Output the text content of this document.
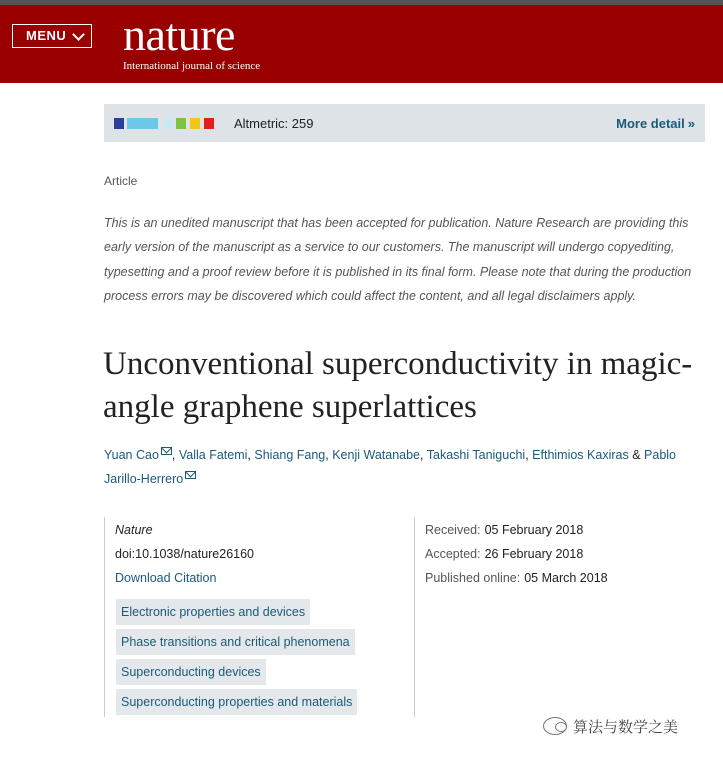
MENU	nature
International journal of science
Altmetric: 259	More detail »
Article
This is an unedited manuscript that has been accepted for publication. Nature Research are providing this early version of the manuscript as a service to our customers. The manuscript will undergo copyediting, typesetting and a proof review before it is published in its final form. Please note that during the production process errors may be discovered which could affect the content, and all legal disclaimers apply.
Unconventional superconductivity in magic-angle graphene superlattices
Yuan Cao , Valla Fatemi, Shiang Fang, Kenji Watanabe, Takashi Taniguchi, Efthimios Kaxiras & Pablo Jarillo-Herrero
Nature
doi:10.1038/nature26160
Download Citation
Electronic properties and devices
Phase transitions and critical phenomena
Superconducting devices
Superconducting properties and materials
Received: 05 February 2018
Accepted: 26 February 2018
Published online: 05 March 2018
算法与数学之美
